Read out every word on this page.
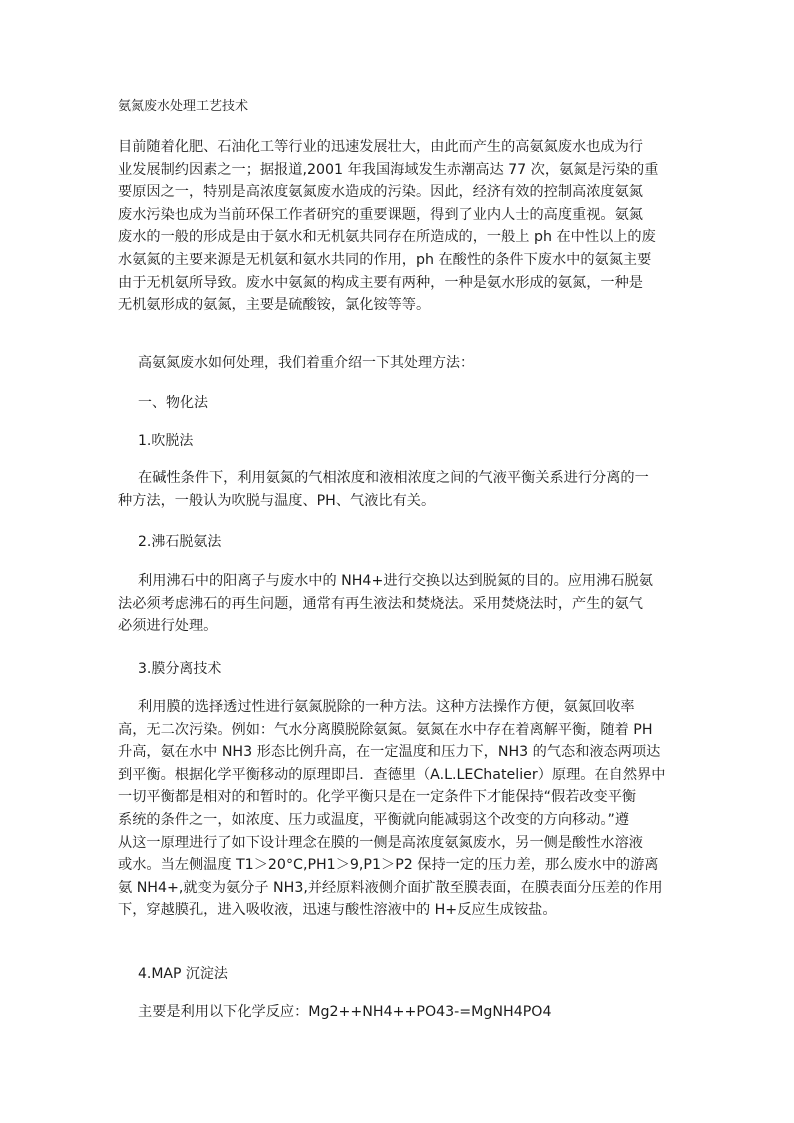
氨氮废水处理工艺技术
目前随着化肥、石油化工等行业的迅速发展壮大，由此而产生的高氨氮废水也成为行
业发展制约因素之一；据报道,2001 年我国海域发生赤潮高达 77 次，氨氮是污染的重
要原因之一，特别是高浓度氨氮废水造成的污染。因此，经济有效的控制高浓度氨氮
废水污染也成为当前环保工作者研究的重要课题，得到了业内人士的高度重视。氨氮
废水的一般的形成是由于氨水和无机氨共同存在所造成的，一般上 ph 在中性以上的废
水氨氮的主要来源是无机氨和氨水共同的作用，ph 在酸性的条件下废水中的氨氮主要
由于无机氨所导致。废水中氨氮的构成主要有两种，一种是氨水形成的氨氮，一种是
无机氨形成的氨氮，主要是硫酸铵，氯化铵等等。
高氨氮废水如何处理，我们着重介绍一下其处理方法：
一、物化法
1.吹脱法
在碱性条件下，利用氨氮的气相浓度和液相浓度之间的气液平衡关系进行分离的一
种方法，一般认为吹脱与温度、PH、气液比有关。
2.沸石脱氨法
利用沸石中的阳离子与废水中的 NH4+进行交换以达到脱氮的目的。应用沸石脱氨
法必须考虑沸石的再生问题，通常有再生液法和焚烧法。采用焚烧法时，产生的氨气
必须进行处理。
3.膜分离技术
利用膜的选择透过性进行氨氮脱除的一种方法。这种方法操作方便，氨氮回收率
高，无二次污染。例如：气水分离膜脱除氨氮。氨氮在水中存在着离解平衡，随着 PH
升高，氨在水中 NH3 形态比例升高，在一定温度和压力下，NH3 的气态和液态两项达
到平衡。根据化学平衡移动的原理即吕．查德里（A.L.LEChatelier）原理。在自然界中
一切平衡都是相对的和暂时的。化学平衡只是在一定条件下才能保持“假若改变平衡
系统的条件之一，如浓度、压力或温度，平衡就向能减弱这个改变的方向移动。”遵
从这一原理进行了如下设计理念在膜的一侧是高浓度氨氮废水，另一侧是酸性水溶液
或水。当左侧温度 T1＞20°C,PH1＞9,P1＞P2 保持一定的压力差，那么废水中的游离
氨 NH4+,就变为氨分子 NH3,并经原料液侧介面扩散至膜表面，在膜表面分压差的作用
下，穿越膜孔，进入吸收液，迅速与酸性溶液中的 H+反应生成铵盐。
4.MAP 沉淀法
主要是利用以下化学反应：Mg2++NH4++PO43-=MgNH4PO4
